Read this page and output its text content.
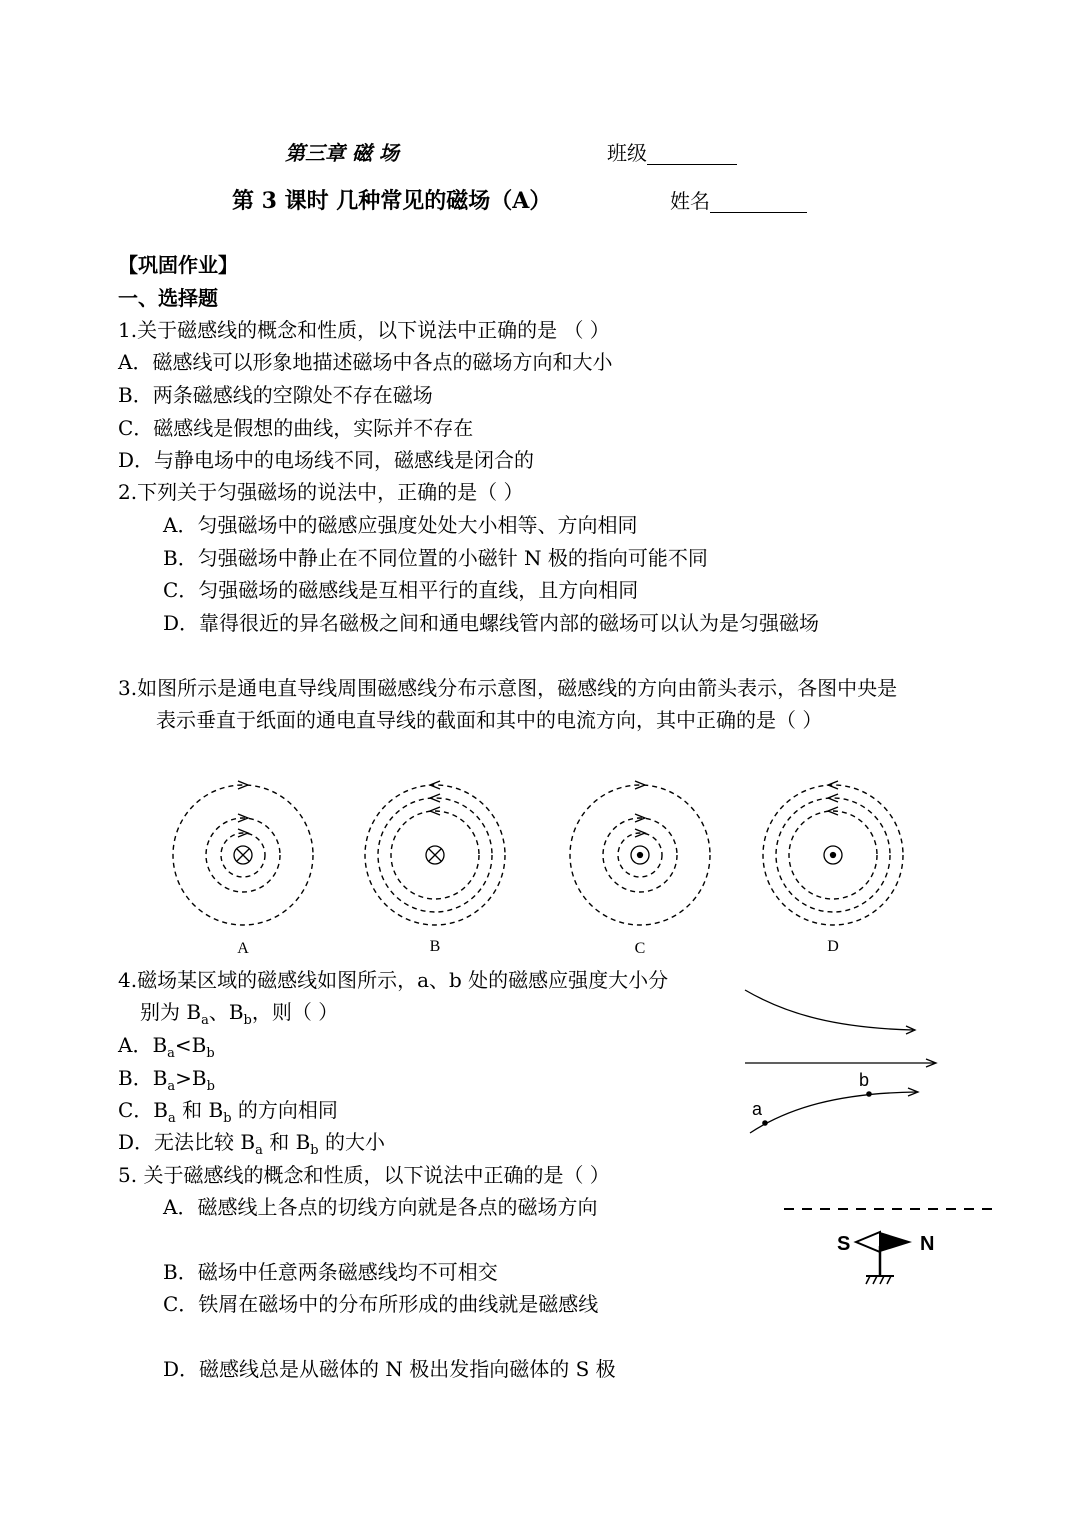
第三章 磁 场	班级
第 3 课时 几种常见的磁场（A）	姓名
【巩固作业】
一、选择题
1.关于磁感线的概念和性质，以下说法中正确的是 （ ）
A．磁感线可以形象地描述磁场中各点的磁场方向和大小
B．两条磁感线的空隙处不存在磁场
C．磁感线是假想的曲线，实际并不存在
D．与静电场中的电场线不同，磁感线是闭合的
2.下列关于匀强磁场的说法中，正确的是（ ）
A．匀强磁场中的磁感应强度处处大小相等、方向相同
B．匀强磁场中静止在不同位置的小磁针 N 极的指向可能不同
C．匀强磁场的磁感线是互相平行的直线，且方向相同
D．靠得很近的异名磁极之间和通电螺线管内部的磁场可以认为是匀强磁场
3.如图所示是通电直导线周围磁感线分布示意图，磁感线的方向由箭头表示，各图中央是
表示垂直于纸面的通电直导线的截面和其中的电流方向，其中正确的是（ ）
A	B	C	D
4.磁场某区域的磁感线如图所示，a、b 处的磁感应强度大小分
别为 $B_a$、$B_b$，则（ ）
A．$B_a<B_b$
B．$B_a>B_b$
C．$B_a$ 和 $B_b$ 的方向相同
D．无法比较 $B_a$ 和 $B_b$ 的大小
a
b
5. 关于磁感线的概念和性质，以下说法中正确的是（ ）
A．磁感线上各点的切线方向就是各点的磁场方向
B．磁场中任意两条磁感线均不可相交
C．铁屑在磁场中的分布所形成的曲线就是磁感线
D．磁感线总是从磁体的 N 极出发指向磁体的 S 极
S	N
